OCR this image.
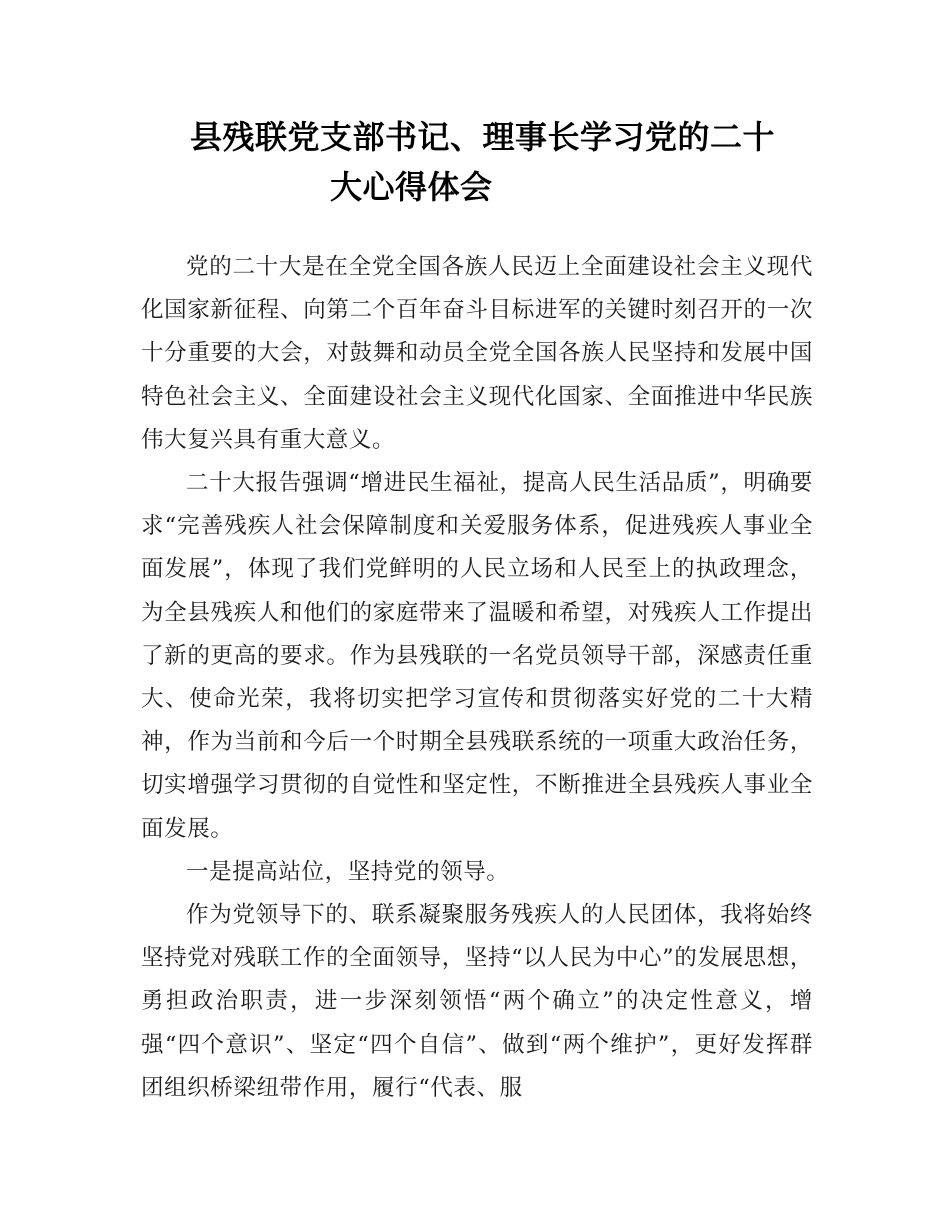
县残联党支部书记、理事长学习党的二十
大心得体会

党的二十大是在全党全国各族人民迈上全面建设社会主义现代化国家新征程、向第二个百年奋斗目标进军的关键时刻召开的一次十分重要的大会，对鼓舞和动员全党全国各族人民坚持和发展中国特色社会主义、全面建设社会主义现代化国家、全面推进中华民族伟大复兴具有重大意义。

二十大报告强调“增进民生福祉，提高人民生活品质”，明确要求“完善残疾人社会保障制度和关爱服务体系，促进残疾人事业全面发展”，体现了我们党鲜明的人民立场和人民至上的执政理念，为全县残疾人和他们的家庭带来了温暖和希望，对残疾人工作提出了新的更高的要求。作为县残联的一名党员领导干部，深感责任重大、使命光荣，我将切实把学习宣传和贯彻落实好党的二十大精神，作为当前和今后一个时期全县残联系统的一项重大政治任务，切实增强学习贯彻的自觉性和坚定性，不断推进全县残疾人事业全面发展。

一是提高站位，坚持党的领导。

作为党领导下的、联系凝聚服务残疾人的人民团体，我将始终坚持党对残联工作的全面领导，坚持“以人民为中心”的发展思想，勇担政治职责，进一步深刻领悟“两个确立”的决定性意义，增强“四个意识”、坚定“四个自信”、做到“两个维护”，更好发挥群团组织桥梁纽带作用，履行“代表、服
